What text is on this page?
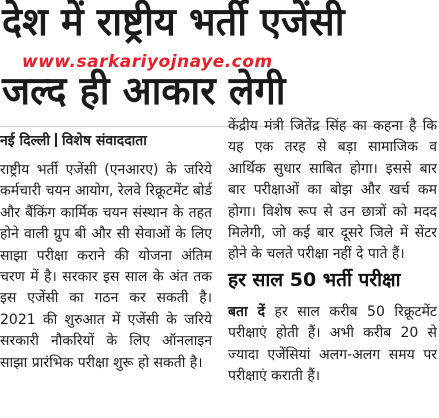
देश में राष्ट्रीय भर्ती एजेंसी
www.sarkariyojnaye.com
जल्द ही आकार लेगी
नई दिल्ली विशेष संवाददाता

राष्ट्रीय भर्ती एजेंसी (एनआरए) के जरिये कर्मचारी चयन आयोग, रेलवे रिक्रूटमेंट बोर्ड और बैंकिंग कार्मिक चयन संस्थान के तहत होने वाली ग्रुप बी और सी सेवाओं के लिए साझा परीक्षा कराने की योजना अंतिम चरण में है। सरकार इस साल के अंत तक इस एजेंसी का गठन कर सकती है। 2021 की शुरुआत में एजेंसी के जरिये सरकारी नौकरियों के लिए ऑनलाइन साझा प्रारंभिक परीक्षा शुरू हो सकती है।

केंद्रीय मंत्री जितेंद्र सिंह का कहना है कि यह एक तरह से बड़ा सामाजिक व आर्थिक सुधार साबित होगा। इससे बार बार परीक्षाओं का बोझ और खर्च कम होगा। विशेष रूप से उन छात्रों को मदद मिलेगी, जो कई बार दूसरे जिले में सेंटर होने के चलते परीक्षा नहीं दे पाते हैं।

हर साल 50 भर्ती परीक्षा

बता दें हर साल करीब 50 रिक्रूटमेंट परीक्षाएं होती हैं। अभी करीब 20 से ज्यादा एजेंसियां अलग-अलग समय पर परीक्षाएं कराती हैं।
